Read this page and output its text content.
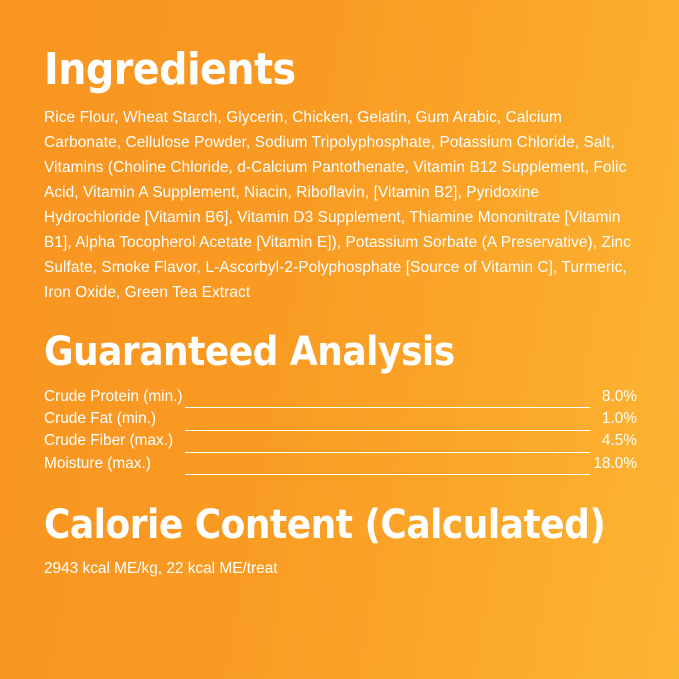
Ingredients
Rice Flour, Wheat Starch, Glycerin, Chicken, Gelatin, Gum Arabic, Calcium Carbonate, Cellulose Powder, Sodium Tripolyphosphate, Potassium Chloride, Salt, Vitamins (Choline Chloride, d-Calcium Pantothenate, Vitamin B12 Supplement, Folic Acid, Vitamin A Supplement, Niacin, Riboflavin, [Vitamin B2], Pyridoxine Hydrochloride [Vitamin B6], Vitamin D3 Supplement, Thiamine Mononitrate [Vitamin B1], Alpha Tocopherol Acetate [Vitamin E]), Potassium Sorbate (A Preservative), Zinc Sulfate, Smoke Flavor, L-Ascorbyl-2-Polyphosphate [Source of Vitamin C], Turmeric, Iron Oxide, Green Tea Extract
Guaranteed Analysis
Crude Protein (min.)		8.0%
Crude Fat (min.)		1.0%
Crude Fiber (max.)		4.5%
Moisture (max.)		18.0%
Calorie Content (Calculated)
2943 kcal ME/kg, 22 kcal ME/treat
